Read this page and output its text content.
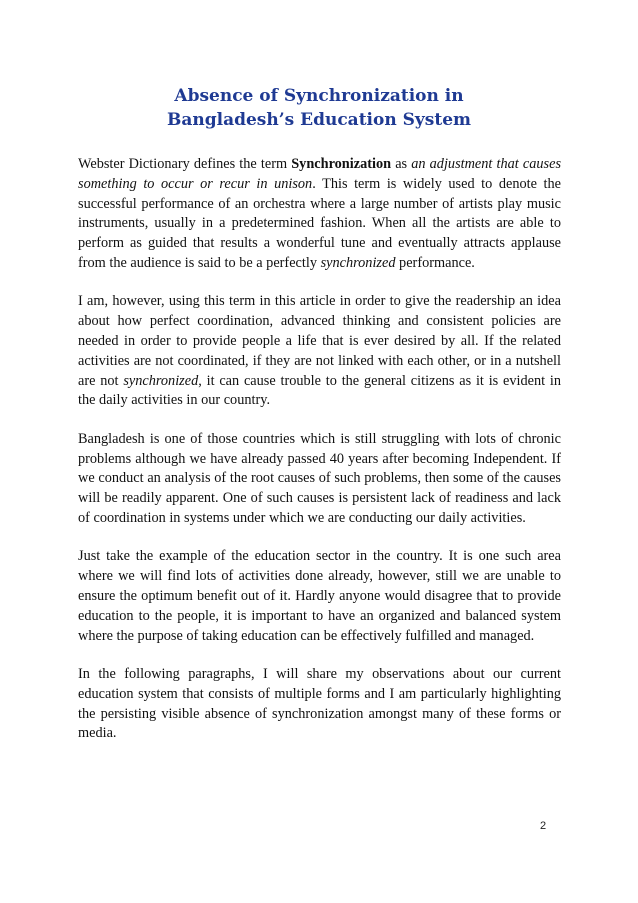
Absence of Synchronization in
Bangladesh’s Education System

Webster Dictionary defines the term Synchronization as an adjustment that causes something to occur or recur in unison. This term is widely used to denote the successful performance of an orchestra where a large number of artists play music instruments, usually in a predetermined fashion. When all the artists are able to perform as guided that results a wonderful tune and eventually attracts applause from the audience is said to be a perfectly synchronized performance.

I am, however, using this term in this article in order to give the readership an idea about how perfect coordination, advanced thinking and consistent policies are needed in order to provide people a life that is ever desired by all. If the related activities are not coordinated, if they are not linked with each other, or in a nutshell are not synchronized, it can cause trouble to the general citizens as it is evident in the daily activities in our country.

Bangladesh is one of those countries which is still struggling with lots of chronic problems although we have already passed 40 years after becoming Independent. If we conduct an analysis of the root causes of such problems, then some of the causes will be readily apparent. One of such causes is persistent lack of readiness and lack of coordination in systems under which we are conducting our daily activities.

Just take the example of the education sector in the country. It is one such area where we will find lots of activities done already, however, still we are unable to ensure the optimum benefit out of it. Hardly anyone would disagree that to provide education to the people, it is important to have an organized and balanced system where the purpose of taking education can be effectively fulfilled and managed.

In the following paragraphs, I will share my observations about our current education system that consists of multiple forms and I am particularly highlighting the persisting visible absence of synchronization amongst many of these forms or media.

2
